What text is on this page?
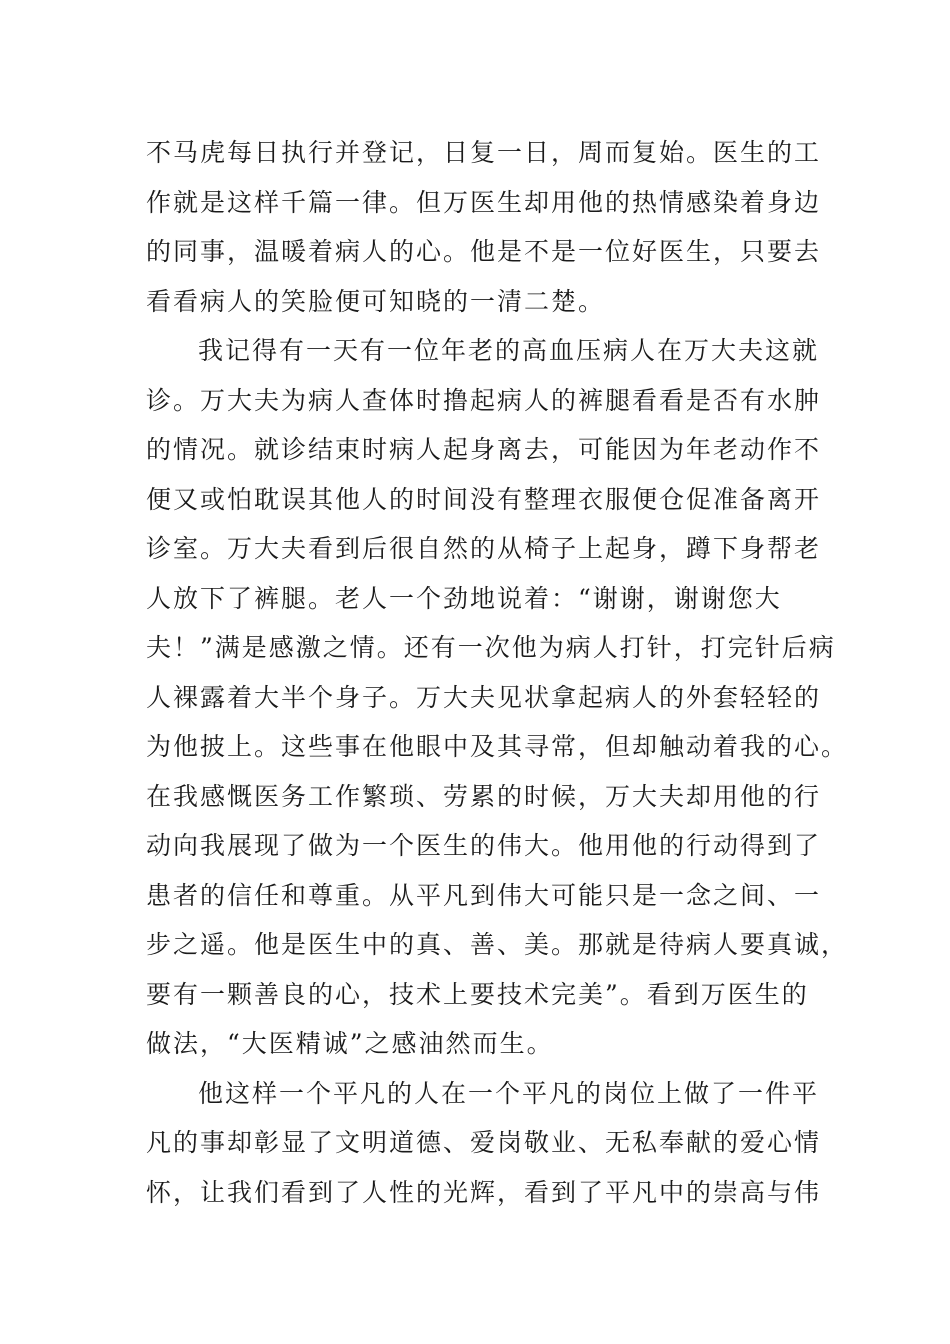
不马虎每日执行并登记，日复一日，周而复始。医生的工
作就是这样千篇一律。但万医生却用他的热情感染着身边
的同事，温暖着病人的心。他是不是一位好医生，只要去
看看病人的笑脸便可知晓的一清二楚。
我记得有一天有一位年老的高血压病人在万大夫这就
诊。万大夫为病人查体时撸起病人的裤腿看看是否有水肿
的情况。就诊结束时病人起身离去，可能因为年老动作不
便又或怕耽误其他人的时间没有整理衣服便仓促准备离开
诊室。万大夫看到后很自然的从椅子上起身，蹲下身帮老
人放下了裤腿。老人一个劲地说着：“谢谢，谢谢您大
夫！”满是感激之情。还有一次他为病人打针，打完针后病
人裸露着大半个身子。万大夫见状拿起病人的外套轻轻的
为他披上。这些事在他眼中及其寻常，但却触动着我的心。
在我感慨医务工作繁琐、劳累的时候，万大夫却用他的行
动向我展现了做为一个医生的伟大。他用他的行动得到了
患者的信任和尊重。从平凡到伟大可能只是一念之间、一
步之遥。他是医生中的真、善、美。那就是待病人要真诚，
要有一颗善良的心，技术上要技术完美”。看到万医生的
做法，“大医精诚”之感油然而生。
他这样一个平凡的人在一个平凡的岗位上做了一件平
凡的事却彰显了文明道德、爱岗敬业、无私奉献的爱心情
怀，让我们看到了人性的光辉，看到了平凡中的崇高与伟
